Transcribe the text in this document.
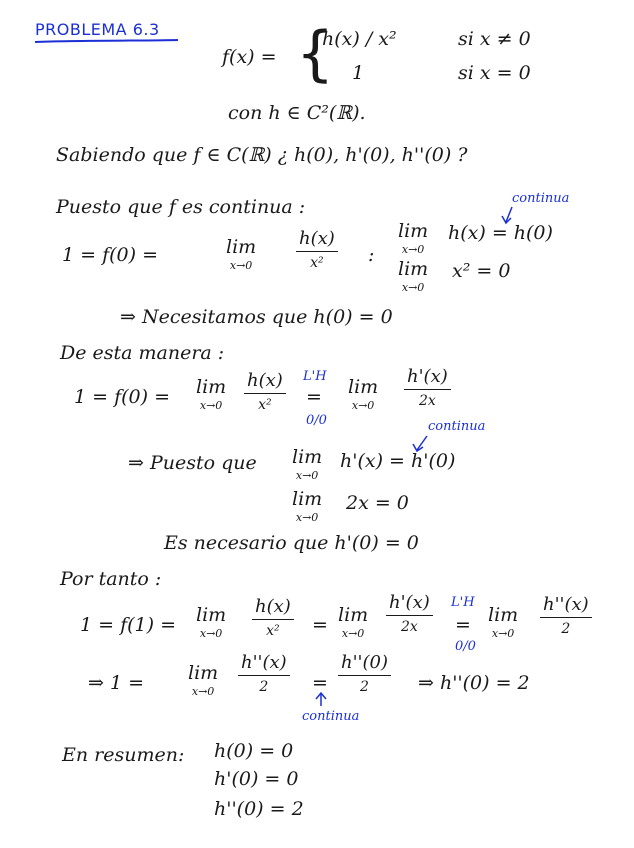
PROBLEMA 6.3
f(x) = {
h(x) / x²	si x ≠ 0
1	si x = 0
con h ∈ C²(ℝ).
Sabiendo que f ∈ C(ℝ) ¿ h(0), h'(0), h''(0) ?
Puesto que f es continua :
1 = f(0) =	lim
x→0
h(x)
x²	:
continua
lim
x→0
h(x) = h(0)
lim
x→0
x² = 0
⇒ Necesitamos que h(0) = 0
De esta manera :
1 = f(0) = lim
x→0
h(x)
x²
L'H
=
0/0
lim
x→0
h'(x)
2x
continua
⇒ Puesto que lim
x→0
h'(x) = h'(0)
lim
x→0
2x = 0
Es necesario que h'(0) = 0
Por tanto :
1 = f(1) = lim
x→0
h(x)
x²	= lim
x→0
h'(x)
2x
L'H
=
0/0
lim
x→0
h''(x)
2
⇒ 1 = lim
x→0
h''(x)
2	=
h''(0)
2	⇒ h''(0) = 2
continua
En resumen: h(0) = 0
h'(0) = 0
h''(0) = 2
